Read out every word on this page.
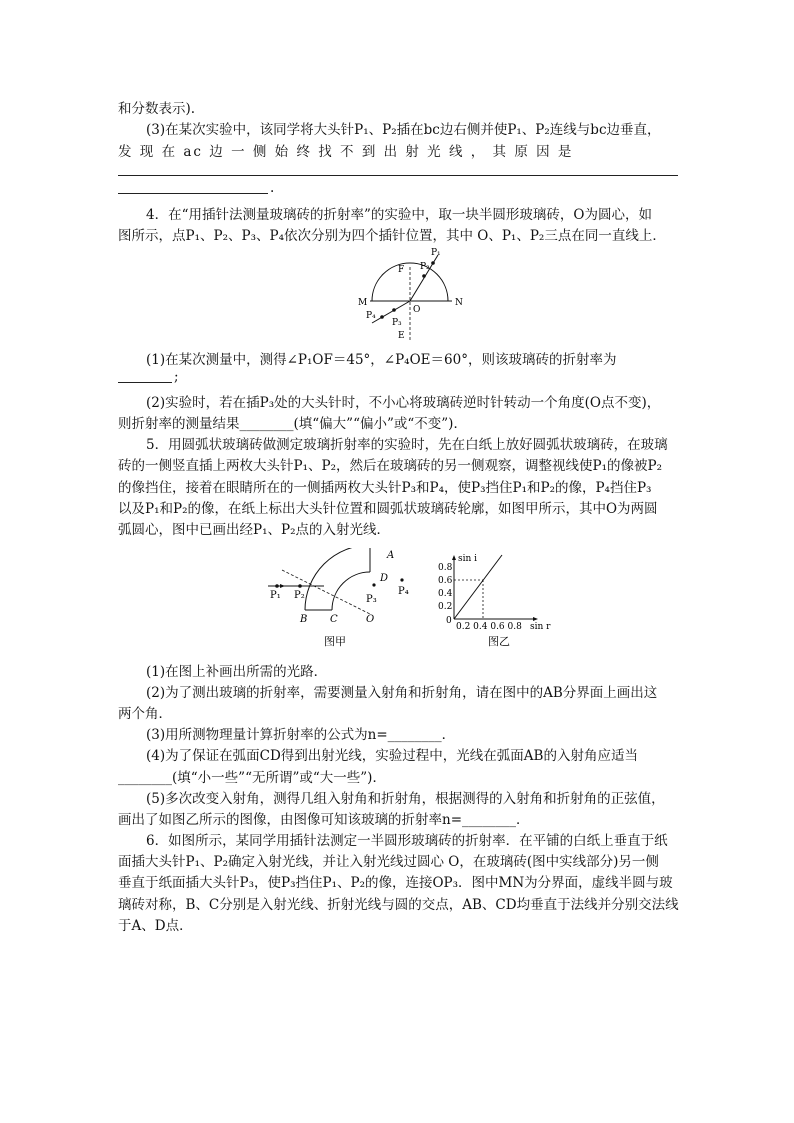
和分数表示).
(3)在某次实验中，该同学将大头针P₁、P₂插在bc边右侧并使P₁、P₂连线与bc边垂直，
发 现 在 ac 边 一 侧 始 终 找 不 到 出 射 光 线 ， 其 原 因 是
.
4．在“用插针法测量玻璃砖的折射率”的实验中，取一块半圆形玻璃砖，O为圆心，如
图所示，点P₁、P₂、P₃、P₄依次分别为四个插针位置，其中 O、P₁、P₂三点在同一直线上．
P₁
P₂
F
M	N
O
P₄
P₃
E
(1)在某次测量中，测得∠P₁OF＝45°，∠P₄OE＝60°，则该玻璃砖的折射率为
;
(2)实验时，若在插P₃处的大头针时，不小心将玻璃砖逆时针转动一个角度(O点不变)，
则折射率的测量结果________(填“偏大”“偏小”或“不变”)．
5．用圆弧状玻璃砖做测定玻璃折射率的实验时，先在白纸上放好圆弧状玻璃砖，在玻璃
砖的一侧竖直插上两枚大头针P₁、P₂，然后在玻璃砖的另一侧观察，调整视线使P₁的像被P₂
的像挡住，接着在眼睛所在的一侧插两枚大头针P₃和P₄，使P₃挡住P₁和P₂的像，P₄挡住P₃
以及P₁和P₂的像，在纸上标出大头针位置和圆弧状玻璃砖轮廓，如图甲所示，其中O为两圆
弧圆心，图中已画出经P₁、P₂点的入射光线．
A
D
P₁ P₂	P₃
P₄
B C	O
图甲
sin i
0.8
0.6
0.4
0.2
0
0.2 0.4 0.6 0.8 sin r
图乙
(1)在图上补画出所需的光路．
(2)为了测出玻璃的折射率，需要测量入射角和折射角，请在图中的AB分界面上画出这
两个角．
(3)用所测物理量计算折射率的公式为n=________．
(4)为了保证在弧面CD得到出射光线，实验过程中，光线在弧面AB的入射角应适当
________(填“小一些”“无所谓”或“大一些”)．
(5)多次改变入射角，测得几组入射角和折射角，根据测得的入射角和折射角的正弦值，
画出了如图乙所示的图像，由图像可知该玻璃的折射率n=________．
6．如图所示，某同学用插针法测定一半圆形玻璃砖的折射率．在平铺的白纸上垂直于纸
面插大头针P₁、P₂确定入射光线，并让入射光线过圆心 O，在玻璃砖(图中实线部分)另一侧
垂直于纸面插大头针P₃，使P₃挡住P₁、P₂的像，连接OP₃．图中MN为分界面，虚线半圆与玻
璃砖对称，B、C分别是入射光线、折射光线与圆的交点，AB、CD均垂直于法线并分别交法线
于A、D点．
